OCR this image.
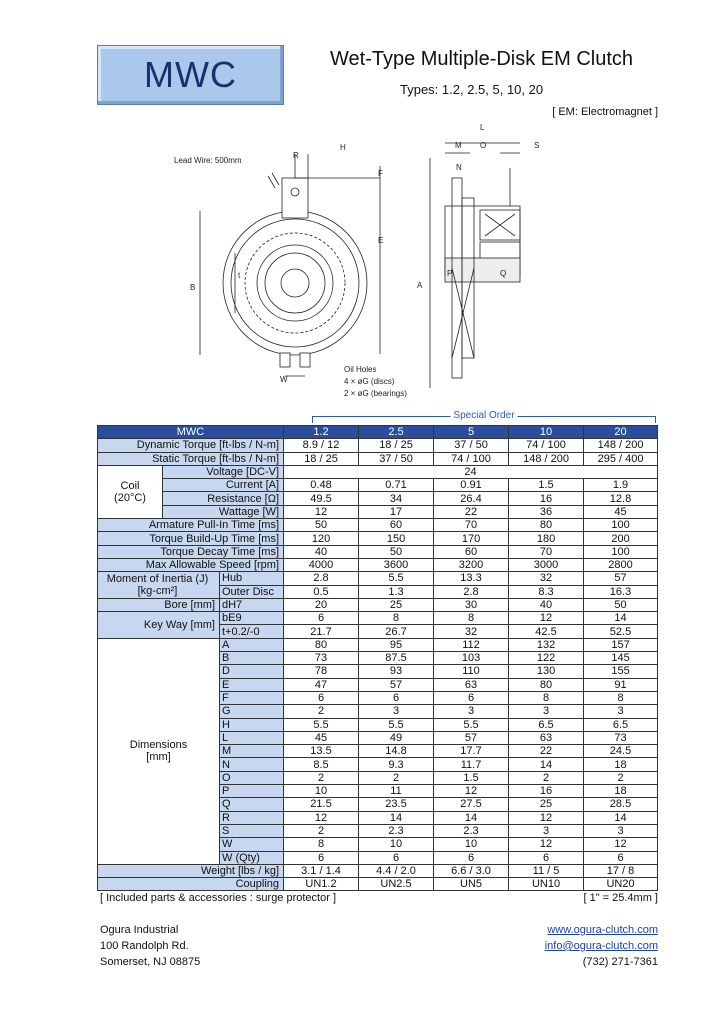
MWC	Wet-Type Multiple-Disk EM Clutch
Types: 1.2, 2.5, 5, 10, 20
[ EM: Electromagnet ]
Lead Wire: 500mm
R
H
F
E
B
t
W
Oil Holes
4 × øG (discs)
2 × øG (bearings)
L
M O	S
N
A
P	Q
Special Order
MWC			1.2	2.5	5	10	20
Dynamic Torque [ft-lbs / N-m]			8.9 / 12	18 / 25	37 / 50	74 / 100	148 / 200
Static Torque [ft-lbs / N-m]			18 / 25	37 / 50	74 / 100	148 / 200	295 / 400

Coil
(20°C)	Voltage [DC-V]		24				
	Current [A]		0.48	0.71	0.91	1.5	1.9
	Resistance [Ω]		49.5	34	26.4	16	12.8
	Wattage [W]		12	17	22	36	45
Armature Pull-In Time [ms]			50	60	70	80	100
Torque Build-Up Time [ms]			120	150	170	180	200
Torque Decay Time [ms]			40	50	60	70	100
Max Allowable Speed [rpm]			4000	3600	3200	3000	2800

Moment of Inertia (J)
[kg-cm²]		Hub	2.8	5.5	13.3	32	57
		Outer Disc	0.5	1.3	2.8	8.3	16.3
Bore [mm]		dH7	20	25	30	40	50
Key Way [mm]		bE9	6	8	8	12	14
		t+0.2/-0	21.7	26.7	32	42.5	52.5

Dimensions
[mm]		A	80	95	112	132	157
		B	73	87.5	103	122	145
		D	78	93	110	130	155
		E	47	57	63	80	91
		F	6	6	6	8	8
		G	2	3	3	3	3
		H	5.5	5.5	5.5	6.5	6.5
		L	45	49	57	63	73
		M	13.5	14.8	17.7	22	24.5
		N	8.5	9.3	11.7	14	18
		O	2	2	1.5	2	2
		P	10	11	12	16	18
		Q	21.5	23.5	27.5	25	28.5
		R	12	14	14	12	14
		S	2	2.3	2.3	3	3
		W	8	10	10	12	12
		W (Qty)	6	6	6	6	6
Weight [lbs / kg]			3.1 / 1.4	4.4 / 2.0	6.6 / 3.0	11 / 5	17 / 8
Coupling			UN1.2	UN2.5	UN5	UN10	UN20
[ Included parts & accessories : surge protector ]	[ 1" = 25.4mm ]
Ogura Industrial
100 Randolph Rd.
Somerset, NJ 08875
www.ogura-clutch.com
info@ogura-clutch.com
(732) 271-7361
